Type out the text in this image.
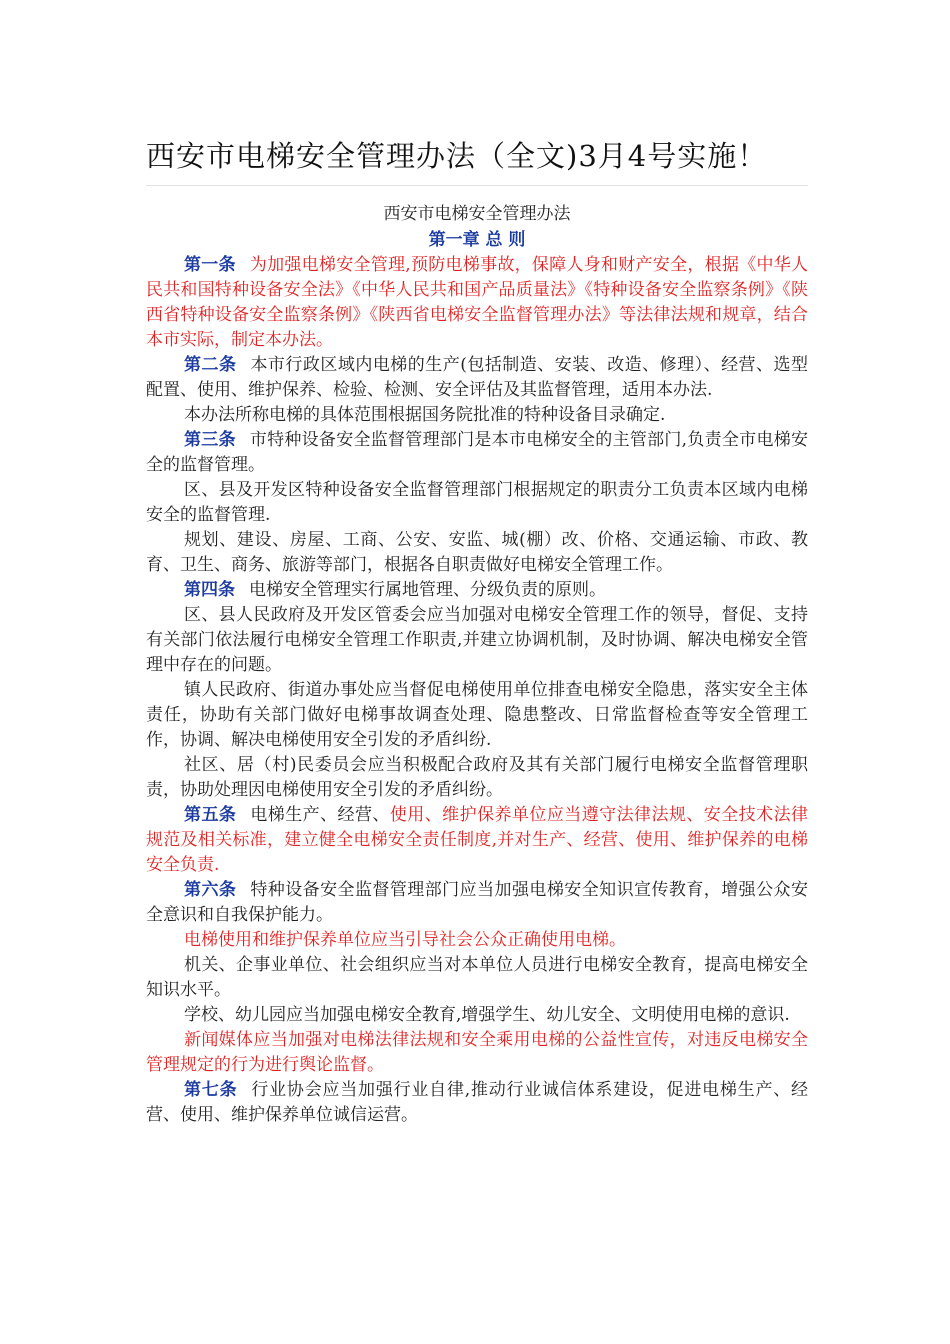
西安市电梯安全管理办法（全文)3月4号实施！
西安市电梯安全管理办法
第一章 总 则

第一条 为加强电梯安全管理,预防电梯事故，保障人身和财产安全，根据《中华人民共和国特种设备安全法》《中华人民共和国产品质量法》《特种设备安全监察条例》《陕西省特种设备安全监察条例》《陕西省电梯安全监督管理办法》等法律法规和规章，结合本市实际，制定本办法。

第二条 本市行政区域内电梯的生产(包括制造、安装、改造、修理）、经营、选型配置、使用、维护保养、检验、检测、安全评估及其监督管理，适用本办法.

本办法所称电梯的具体范围根据国务院批准的特种设备目录确定.

第三条 市特种设备安全监督管理部门是本市电梯安全的主管部门,负责全市电梯安全的监督管理。

区、县及开发区特种设备安全监督管理部门根据规定的职责分工负责本区域内电梯安全的监督管理.

规划、建设、房屋、工商、公安、安监、城(棚）改、价格、交通运输、市政、教育、卫生、商务、旅游等部门，根据各自职责做好电梯安全管理工作。

第四条 电梯安全管理实行属地管理、分级负责的原则。

区、县人民政府及开发区管委会应当加强对电梯安全管理工作的领导，督促、支持有关部门依法履行电梯安全管理工作职责,并建立协调机制，及时协调、解决电梯安全管理中存在的问题。

镇人民政府、街道办事处应当督促电梯使用单位排查电梯安全隐患，落实安全主体责任，协助有关部门做好电梯事故调查处理、隐患整改、日常监督检查等安全管理工作，协调、解决电梯使用安全引发的矛盾纠纷.

社区、居（村)民委员会应当积极配合政府及其有关部门履行电梯安全监督管理职责，协助处理因电梯使用安全引发的矛盾纠纷。

第五条 电梯生产、经营、使用、维护保养单位应当遵守法律法规、安全技术法律规范及相关标准，建立健全电梯安全责任制度,并对生产、经营、使用、维护保养的电梯安全负责.

第六条 特种设备安全监督管理部门应当加强电梯安全知识宣传教育，增强公众安全意识和自我保护能力。

电梯使用和维护保养单位应当引导社会公众正确使用电梯。

机关、企事业单位、社会组织应当对本单位人员进行电梯安全教育，提高电梯安全知识水平。

学校、幼儿园应当加强电梯安全教育,增强学生、幼儿安全、文明使用电梯的意识.

新闻媒体应当加强对电梯法律法规和安全乘用电梯的公益性宣传，对违反电梯安全管理规定的行为进行舆论监督。

第七条 行业协会应当加强行业自律,推动行业诚信体系建设，促进电梯生产、经营、使用、维护保养单位诚信运营。
